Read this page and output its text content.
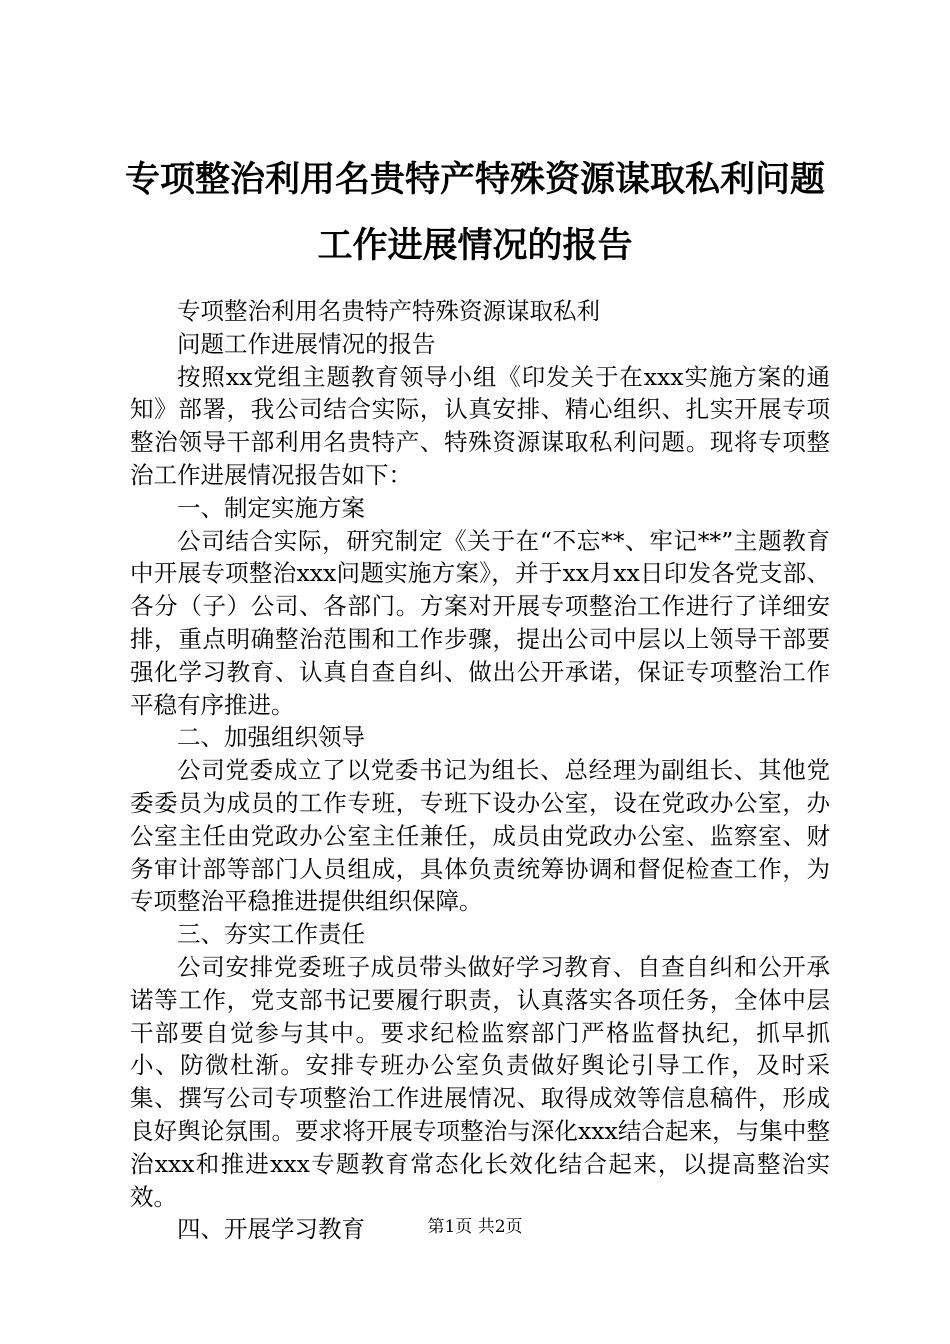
专项整治利用名贵特产特殊资源谋取私利问题
工作进展情况的报告

专项整治利用名贵特产特殊资源谋取私利

问题工作进展情况的报告

按照xx党组主题教育领导小组《印发关于在xxx实施方案的通知》部署，我公司结合实际，认真安排、精心组织、扎实开展专项整治领导干部利用名贵特产、特殊资源谋取私利问题。现将专项整治工作进展情况报告如下：

一、制定实施方案

公司结合实际，研究制定《关于在“不忘**、牢记**”主题教育中开展专项整治xxx问题实施方案》，并于xx月xx日印发各党支部、各分（子）公司、各部门。方案对开展专项整治工作进行了详细安排，重点明确整治范围和工作步骤，提出公司中层以上领导干部要强化学习教育、认真自查自纠、做出公开承诺，保证专项整治工作平稳有序推进。

二、加强组织领导

公司党委成立了以党委书记为组长、总经理为副组长、其他党委委员为成员的工作专班，专班下设办公室，设在党政办公室，办公室主任由党政办公室主任兼任，成员由党政办公室、监察室、财务审计部等部门人员组成，具体负责统筹协调和督促检查工作，为专项整治平稳推进提供组织保障。

三、夯实工作责任

公司安排党委班子成员带头做好学习教育、自查自纠和公开承诺等工作，党支部书记要履行职责，认真落实各项任务，全体中层干部要自觉参与其中。要求纪检监察部门严格监督执纪，抓早抓小、防微杜渐。安排专班办公室负责做好舆论引导工作，及时采集、撰写公司专项整治工作进展情况、取得成效等信息稿件，形成良好舆论氛围。要求将开展专项整治与深化xxx结合起来，与集中整治xxx和推进xxx专题教育常态化长效化结合起来，以提高整治实效。

四、开展学习教育	第1页 共2页
